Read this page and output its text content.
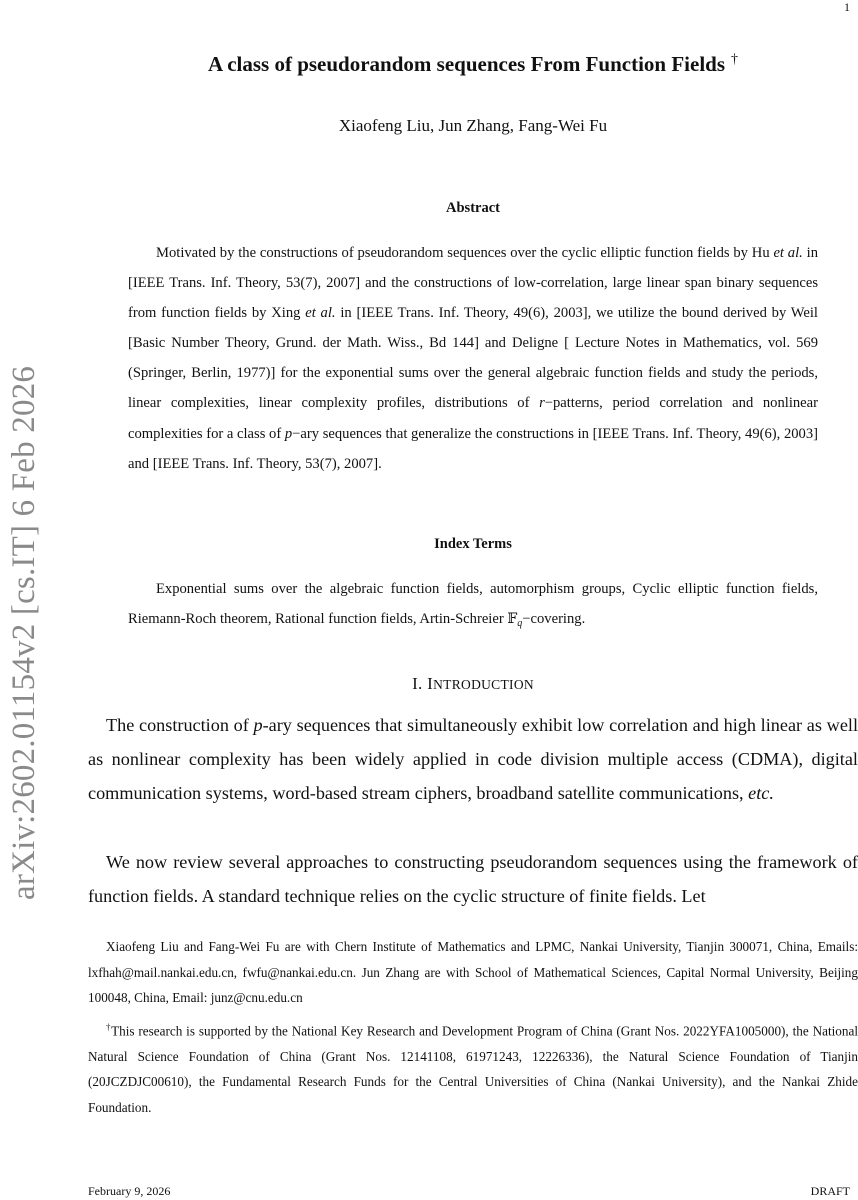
1
arXiv:2602.01154v2 [cs.IT] 6 Feb 2026
A class of pseudorandom sequences From Function Fields †
Xiaofeng Liu, Jun Zhang, Fang-Wei Fu
Abstract

Motivated by the constructions of pseudorandom sequences over the cyclic elliptic function fields by Hu et al. in [IEEE Trans. Inf. Theory, 53(7), 2007] and the constructions of low-correlation, large linear span binary sequences from function fields by Xing et al. in [IEEE Trans. Inf. Theory, 49(6), 2003], we utilize the bound derived by Weil [Basic Number Theory, Grund. der Math. Wiss., Bd 144] and Deligne [ Lecture Notes in Mathematics, vol. 569 (Springer, Berlin, 1977)] for the exponential sums over the general algebraic function fields and study the periods, linear complexities, linear complexity profiles, distributions of r−patterns, period correlation and nonlinear complexities for a class of p−ary sequences that generalize the constructions in [IEEE Trans. Inf. Theory, 49(6), 2003] and [IEEE Trans. Inf. Theory, 53(7), 2007].

Index Terms

Exponential sums over the algebraic function fields, automorphism groups, Cyclic elliptic function fields, Riemann-Roch theorem, Rational function fields, Artin-Schreier 𝔽$_q$−covering.

I. INTRODUCTION

The construction of p-ary sequences that simultaneously exhibit low correlation and high linear as well as nonlinear complexity has been widely applied in code division multiple access (CDMA), digital communication systems, word-based stream ciphers, broadband satellite communications, etc.

We now review several approaches to constructing pseudorandom sequences using the framework of function fields. A standard technique relies on the cyclic structure of finite fields. Let

Xiaofeng Liu and Fang-Wei Fu are with Chern Institute of Mathematics and LPMC, Nankai University, Tianjin 300071, China, Emails: lxfhah@mail.nankai.edu.cn, fwfu@nankai.edu.cn. Jun Zhang are with School of Mathematical Sciences, Capital Normal University, Beijing 100048, China, Email: junz@cnu.edu.cn

†This research is supported by the National Key Research and Development Program of China (Grant Nos. 2022YFA1005000), the National Natural Science Foundation of China (Grant Nos. 12141108, 61971243, 12226336), the Natural Science Foundation of Tianjin (20JCZDJC00610), the Fundamental Research Funds for the Central Universities of China (Nankai University), and the Nankai Zhide Foundation.

February 9, 2026	DRAFT
